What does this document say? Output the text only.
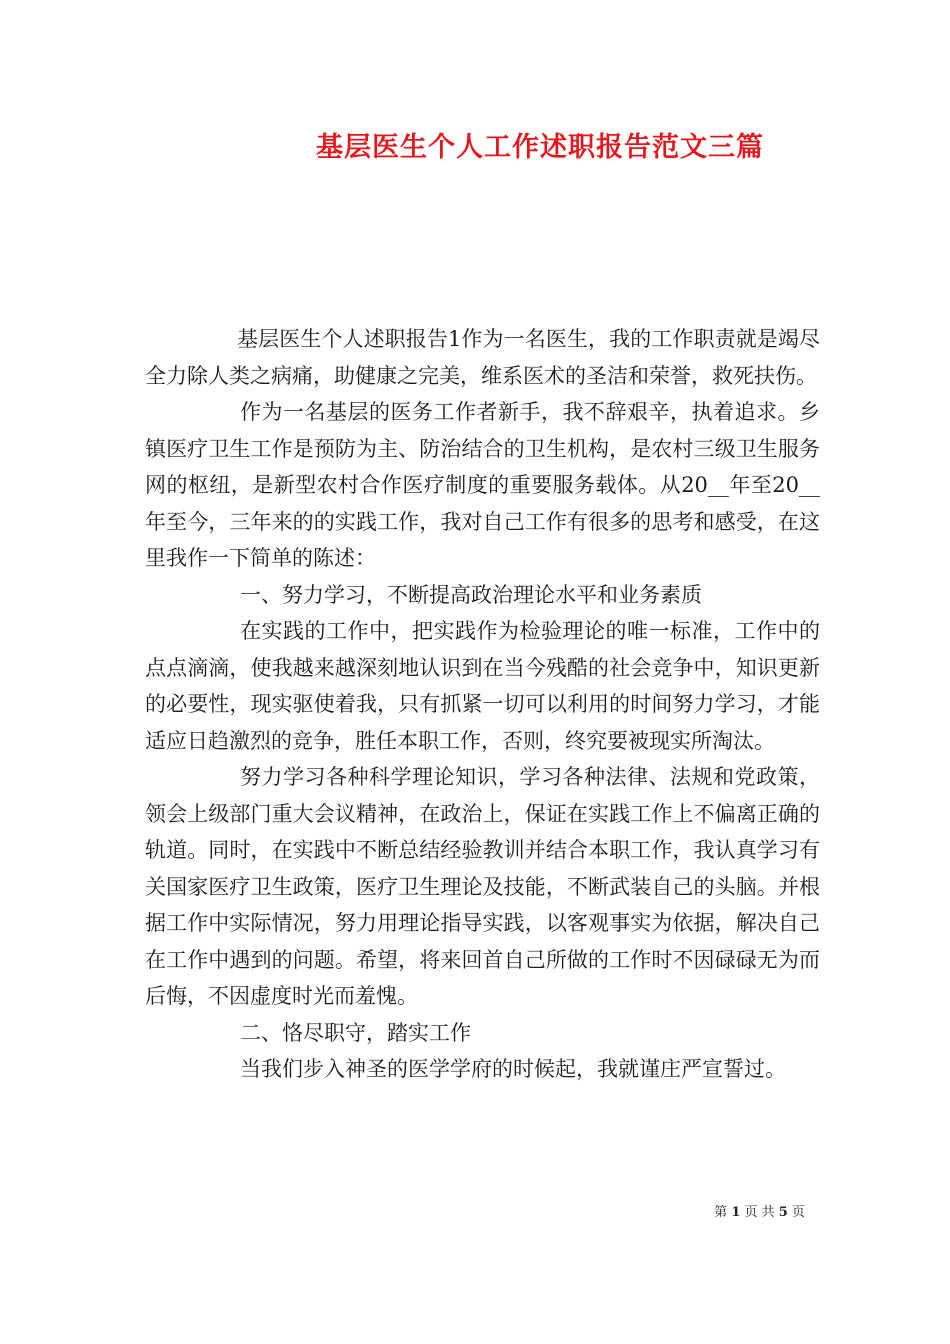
基层医生个人工作述职报告范文三篇

基层医生个人述职报告1作为一名医生，我的工作职责就是竭尽全力除人类之病痛，助健康之完美，维系医术的圣洁和荣誉，救死扶伤。

作为一名基层的医务工作者新手，我不辞艰辛，执着追求。乡镇医疗卫生工作是预防为主、防治结合的卫生机构，是农村三级卫生服务网的枢纽，是新型农村合作医疗制度的重要服务载体。从20__年至20__年至今，三年来的的实践工作，我对自己工作有很多的思考和感受，在这里我作一下简单的陈述：

一、努力学习，不断提高政治理论水平和业务素质

在实践的工作中，把实践作为检验理论的唯一标准，工作中的点点滴滴，使我越来越深刻地认识到在当今残酷的社会竞争中，知识更新的必要性，现实驱使着我，只有抓紧一切可以利用的时间努力学习，才能适应日趋激烈的竞争，胜任本职工作，否则，终究要被现实所淘汰。

努力学习各种科学理论知识，学习各种法律、法规和党政策，领会上级部门重大会议精神，在政治上，保证在实践工作上不偏离正确的轨道。同时，在实践中不断总结经验教训并结合本职工作，我认真学习有关国家医疗卫生政策，医疗卫生理论及技能，不断武装自己的头脑。并根据工作中实际情况，努力用理论指导实践，以客观事实为依据，解决自己在工作中遇到的问题。希望，将来回首自己所做的工作时不因碌碌无为而后悔，不因虚度时光而羞愧。

二、恪尽职守，踏实工作

当我们步入神圣的医学学府的时候起，我就谨庄严宣誓过。

第 1 页 共 5 页
